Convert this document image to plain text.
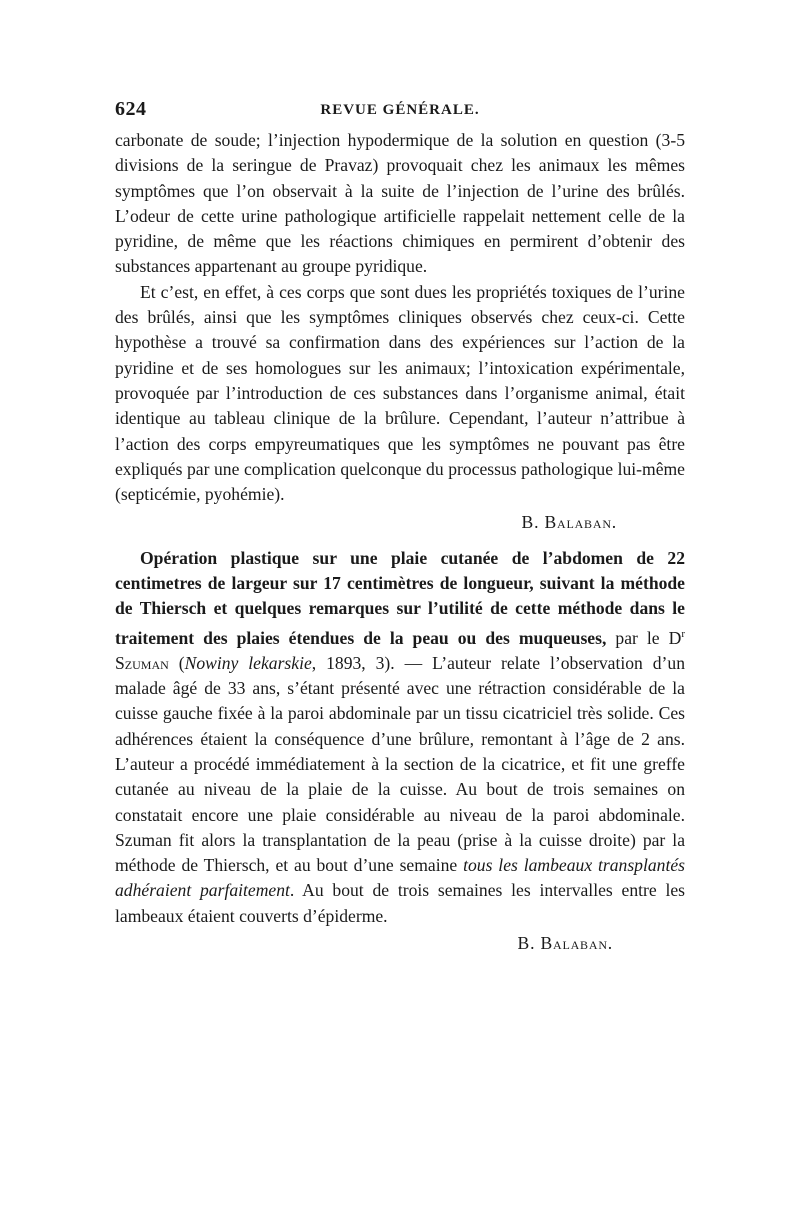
624	REVUE GÉNÉRALE.

carbonate de soude; l’injection hypodermique de la solution en question (3-5 divisions de la seringue de Pravaz) provoquait chez les animaux les mêmes symptômes que l’on observait à la suite de l’injection de l’urine des brûlés. L’odeur de cette urine pathologique artificielle rappelait nettement celle de la pyridine, de même que les réactions chimiques en permirent d’obtenir des substances appartenant au groupe pyridique.

Et c’est, en effet, à ces corps que sont dues les propriétés toxiques de l’urine des brûlés, ainsi que les symptômes cliniques observés chez ceux-ci. Cette hypothèse a trouvé sa confirmation dans des expériences sur l’action de la pyridine et de ses homologues sur les animaux; l’intoxication expérimentale, provoquée par l’introduction de ces substances dans l’organisme animal, était identique au tableau clinique de la brûlure. Cependant, l’auteur n’attribue à l’action des corps empyreumatiques que les symptômes ne pouvant pas être expliqués par une complication quelconque du processus pathologique lui-même (septicémie, pyohémie).

B. Balaban.

Opération plastique sur une plaie cutanée de l’abdomen de 22 centimetres de largeur sur 17 centimètres de longueur, suivant la méthode de Thiersch et quelques remarques sur l’utilité de cette méthode dans le traitement des plaies étendues de la peau ou des muqueuses, par le $D^r$ Szuman (Nowiny lekarskie, 1893, 3). — L’auteur relate l’observation d’un malade âgé de 33 ans, s’étant présenté avec une rétraction considérable de la cuisse gauche fixée à la paroi abdominale par un tissu cicatriciel très solide. Ces adhérences étaient la conséquence d’une brûlure, remontant à l’âge de 2 ans. L’auteur a procédé immédiatement à la section de la cicatrice, et fit une greffe cutanée au niveau de la plaie de la cuisse. Au bout de trois semaines on constatait encore une plaie considérable au niveau de la paroi abdominale. Szuman fit alors la transplantation de la peau (prise à la cuisse droite) par la méthode de Thiersch, et au bout d’une semaine tous les lambeaux transplantés adhéraient parfaitement. Au bout de trois semaines les intervalles entre les lambeaux étaient couverts d’épiderme.

B. Balaban.
